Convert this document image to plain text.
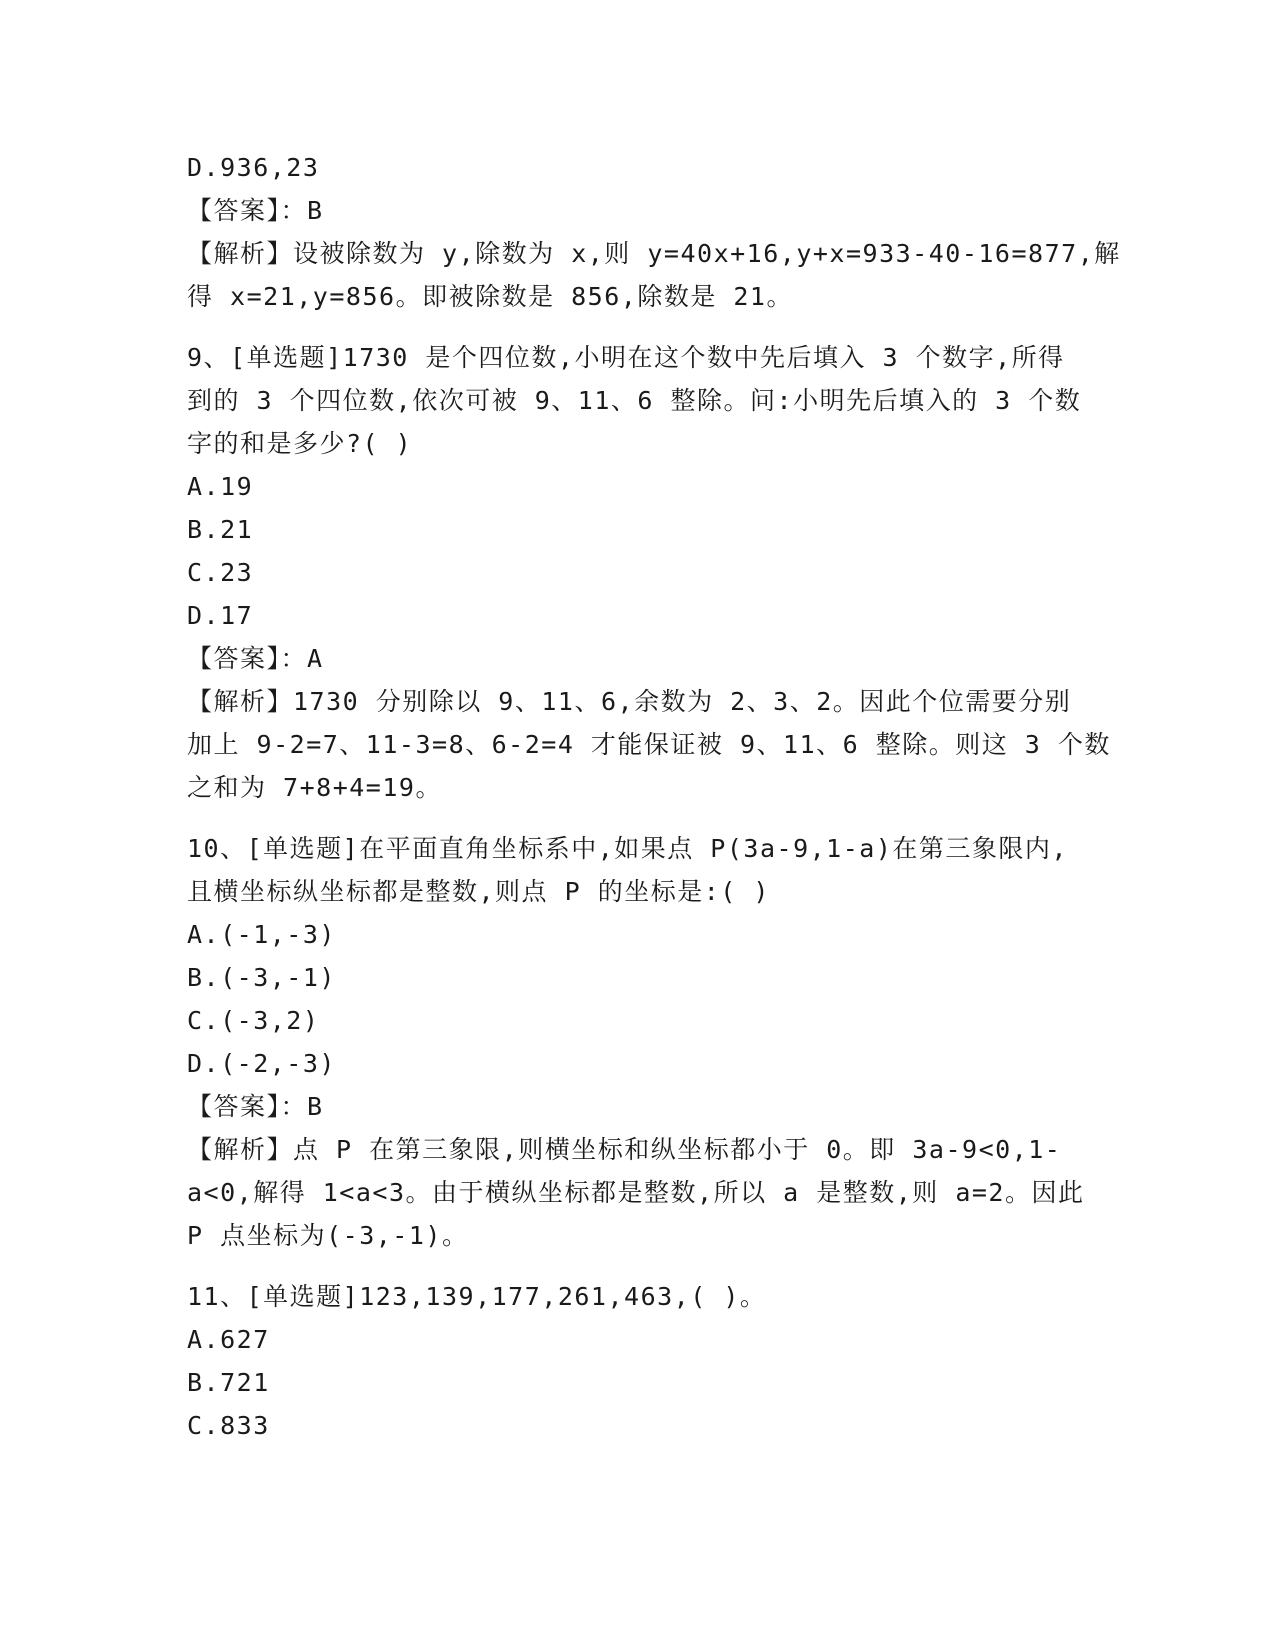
D.936,23
【答案】：B
【解析】设被除数为 y,除数为 x,则 y=40x+16,y+x=933-40-16=877,解
得 x=21,y=856。即被除数是 856,除数是 21。
9、[单选题]1730 是个四位数,小明在这个数中先后填入 3 个数字,所得
到的 3 个四位数,依次可被 9、11、6 整除。问:小明先后填入的 3 个数
字的和是多少?( )
A.19
B.21
C.23
D.17
【答案】：A
【解析】1730 分别除以 9、11、6,余数为 2、3、2。因此个位需要分别
加上 9-2=7、11-3=8、6-2=4 才能保证被 9、11、6 整除。则这 3 个数
之和为 7+8+4=19。
10、[单选题]在平面直角坐标系中,如果点 P(3a-9,1-a)在第三象限内,
且横坐标纵坐标都是整数,则点 P 的坐标是:( )
A.(-1,-3)
B.(-3,-1)
C.(-3,2)
D.(-2,-3)
【答案】：B
【解析】点 P 在第三象限,则横坐标和纵坐标都小于 0。即 3a-9<0,1-
a<0,解得 1<a<3。由于横纵坐标都是整数,所以 a 是整数,则 a=2。因此
P 点坐标为(-3,-1)。
11、[单选题]123,139,177,261,463,( )。
A.627
B.721
C.833
